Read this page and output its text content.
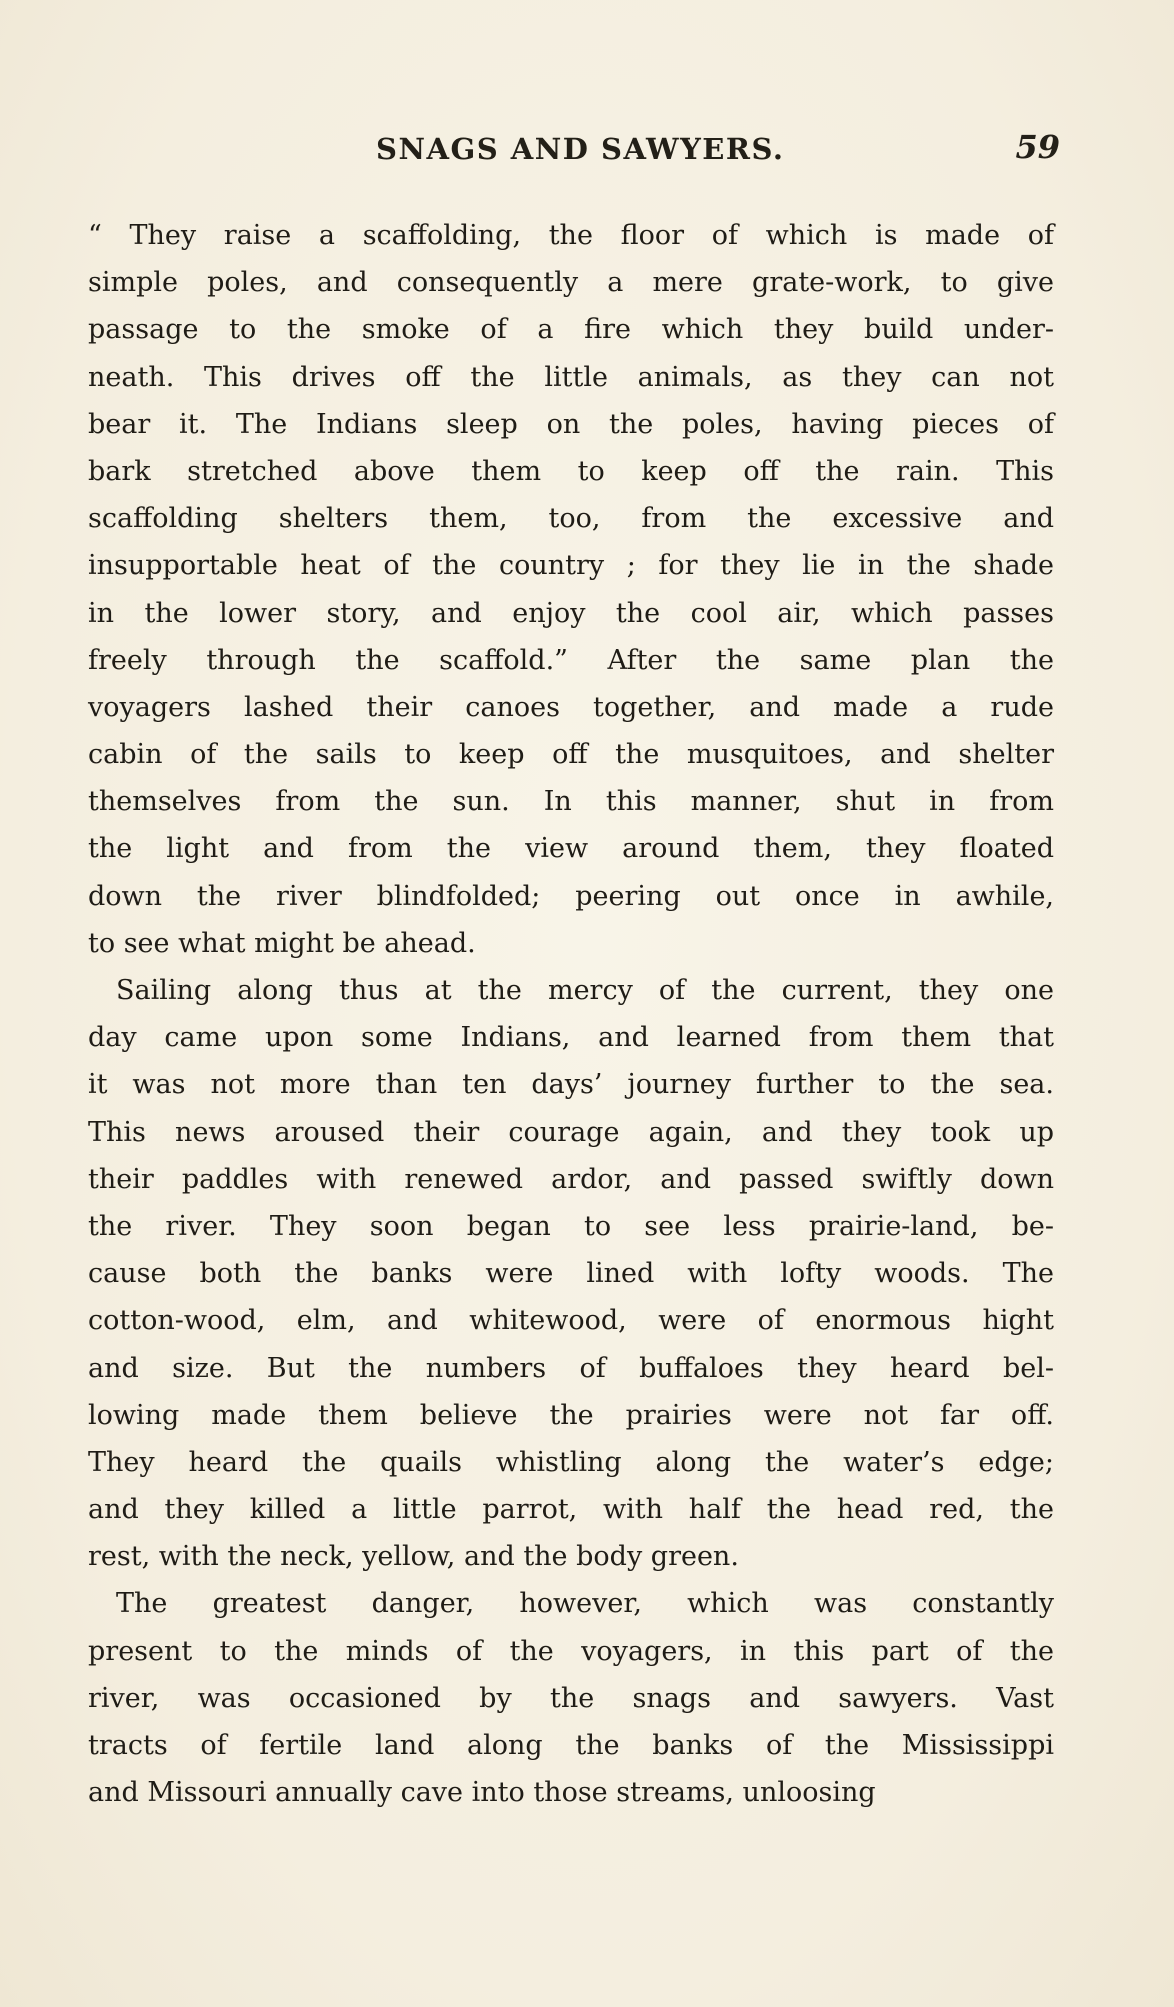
SNAGS AND SAWYERS.	59
“ They raise a scaffolding, the floor of which is made of
simple poles, and consequently a mere grate-work, to give
passage to the smoke of a fire which they build under-
neath. This drives off the little animals, as they can not
bear it. The Indians sleep on the poles, having pieces of
bark stretched above them to keep off the rain. This
scaffolding shelters them, too, from the excessive and
insupportable heat of the country ; for they lie in the shade
in the lower story, and enjoy the cool air, which passes
freely through the scaffold.” After the same plan the
voyagers lashed their canoes together, and made a rude
cabin of the sails to keep off the musquitoes, and shelter
themselves from the sun. In this manner, shut in from
the light and from the view around them, they floated
down the river blindfolded; peering out once in awhile,
to see what might be ahead.
Sailing along thus at the mercy of the current, they one
day came upon some Indians, and learned from them that
it was not more than ten days’ journey further to the sea.
This news aroused their courage again, and they took up
their paddles with renewed ardor, and passed swiftly down
the river. They soon began to see less prairie-land, be-
cause both the banks were lined with lofty woods. The
cotton-wood, elm, and whitewood, were of enormous hight
and size. But the numbers of buffaloes they heard bel-
lowing made them believe the prairies were not far off.
They heard the quails whistling along the water’s edge;
and they killed a little parrot, with half the head red, the
rest, with the neck, yellow, and the body green.
The greatest danger, however, which was constantly
present to the minds of the voyagers, in this part of the
river, was occasioned by the snags and sawyers. Vast
tracts of fertile land along the banks of the Mississippi
and Missouri annually cave into those streams, unloosing
